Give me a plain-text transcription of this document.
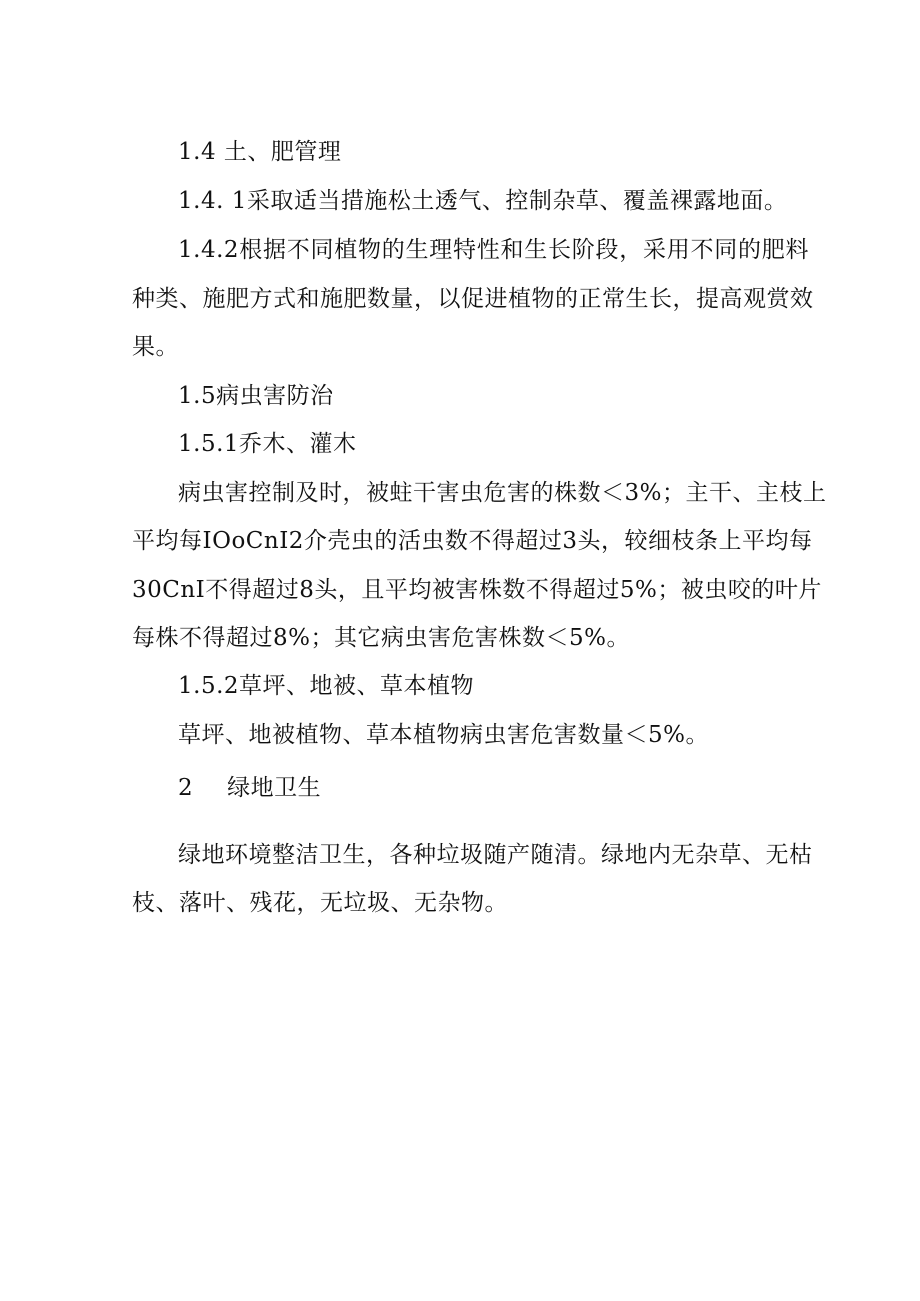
1.4 土、肥管理
1.4. 1采取适当措施松土透气、控制杂草、覆盖裸露地面。
1.4.2根据不同植物的生理特性和生长阶段，采用不同的肥料
种类、施肥方式和施肥数量，以促进植物的正常生长，提高观赏效
果。
1.5病虫害防治
1.5.1乔木、灌木
病虫害控制及时，被蛀干害虫危害的株数＜3%；主干、主枝上
平均每IOoCnI2介壳虫的活虫数不得超过3头，较细枝条上平均每
30CnI不得超过8头，且平均被害株数不得超过5%；被虫咬的叶片
每株不得超过8%；其它病虫害危害株数＜5%。
1.5.2草坪、地被、草本植物
草坪、地被植物、草本植物病虫害危害数量＜5%。
2 绿地卫生
绿地环境整洁卫生，各种垃圾随产随清。绿地内无杂草、无枯
枝、落叶、残花，无垃圾、无杂物。
